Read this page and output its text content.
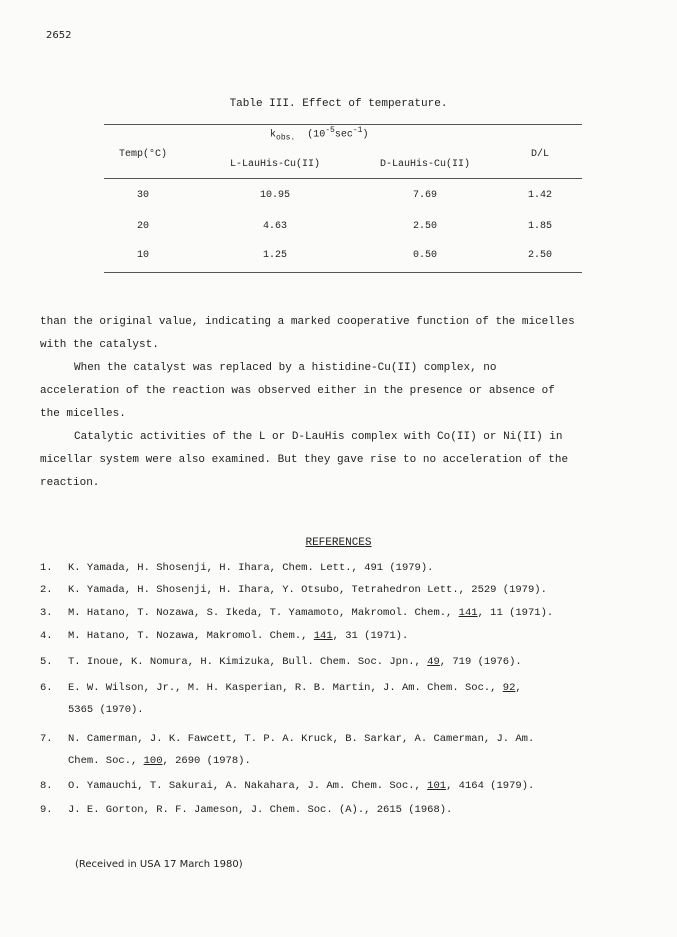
2652
Table III. Effect of temperature.
$k_{obs.}$ $(10^{-5}\sec^{-1})$
Temp(°C)	D/L
L-LauHis-Cu(II)	D-LauHis-Cu(II)
30	10.95	7.69	1.42
20	4.63	2.50	1.85
10	1.25	0.50	2.50

than the original value, indicating a marked cooperative function of the micelles

with the catalyst.

When the catalyst was replaced by a histidine-Cu(II) complex, no

acceleration of the reaction was observed either in the presence or absence of

the micelles.

Catalytic activities of the L or D-LauHis complex with Co(II) or Ni(II) in

micellar system were also examined. But they gave rise to no acceleration of the

reaction.

REFERENCES
1. K. Yamada, H. Shosenji, H. Ihara, Chem. Lett., 491 (1979).
2. K. Yamada, H. Shosenji, H. Ihara, Y. Otsubo, Tetrahedron Lett., 2529 (1979).
3. M. Hatano, T. Nozawa, S. Ikeda, T. Yamamoto, Makromol. Chem., 141, 11 (1971).
4. M. Hatano, T. Nozawa, Makromol. Chem., 141, 31 (1971).
5. T. Inoue, K. Nomura, H. Kimizuka, Bull. Chem. Soc. Jpn., 49, 719 (1976).
6. E. W. Wilson, Jr., M. H. Kasperian, R. B. Martin, J. Am. Chem. Soc., 92,
5365 (1970).
7. N. Camerman, J. K. Fawcett, T. P. A. Kruck, B. Sarkar, A. Camerman, J. Am.
Chem. Soc., 100, 2690 (1978).
8. O. Yamauchi, T. Sakurai, A. Nakahara, J. Am. Chem. Soc., 101, 4164 (1979).
9. J. E. Gorton, R. F. Jameson, J. Chem. Soc. (A)., 2615 (1968).
(Received in USA 17 March 1980)
